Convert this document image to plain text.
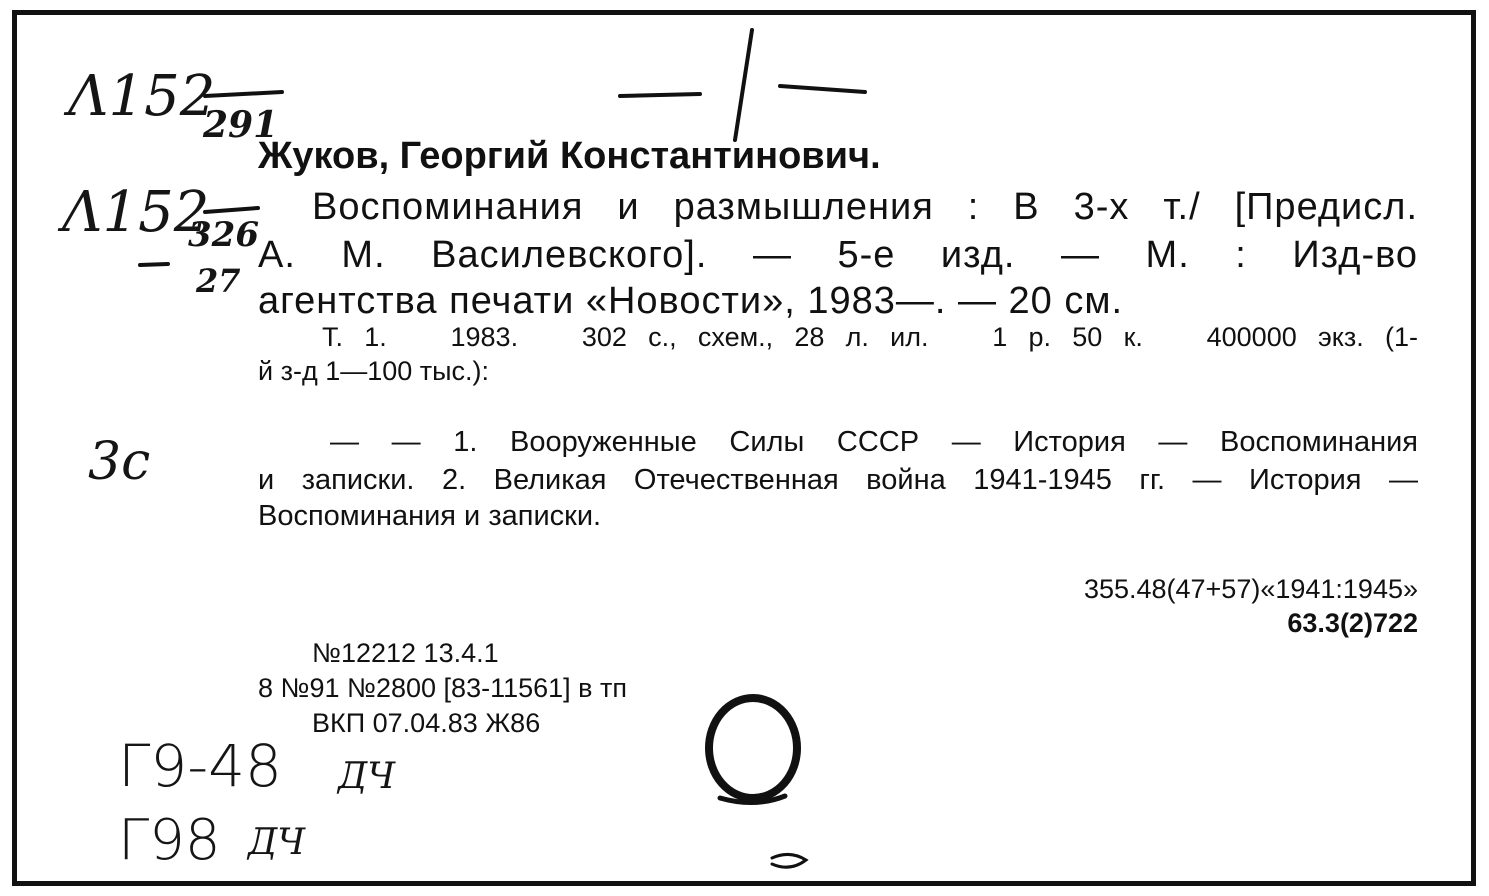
Λ152
291
Λ152
326
27
3с
Г9-48 ДЧ
Г98 ДЧ
Жуков, Георгий Константинович.
Воспоминания и размышления : В 3-х т./ [Предисл.
А. М. Василевского]. — 5-е изд. — М. : Изд-во
агентства печати «Новости», 1983—. — 20 см.
Т. 1.   1983.   302 с., схем., 28 л. ил.   1 р. 50 к.   400000 экз. (1-
й з-д 1—100 тыс.):
— — 1. Вооруженные Силы СССР — История — Воспоминания
и записки. 2. Великая Отечественная война 1941-1945 гг. — История —
Воспоминания и записки.
355.48(47+57)«1941:1945»
63.3(2)722
№12212 13.4.1
8 №91 №2800 [83-11561] в тп
ВКП 07.04.83 Ж86
